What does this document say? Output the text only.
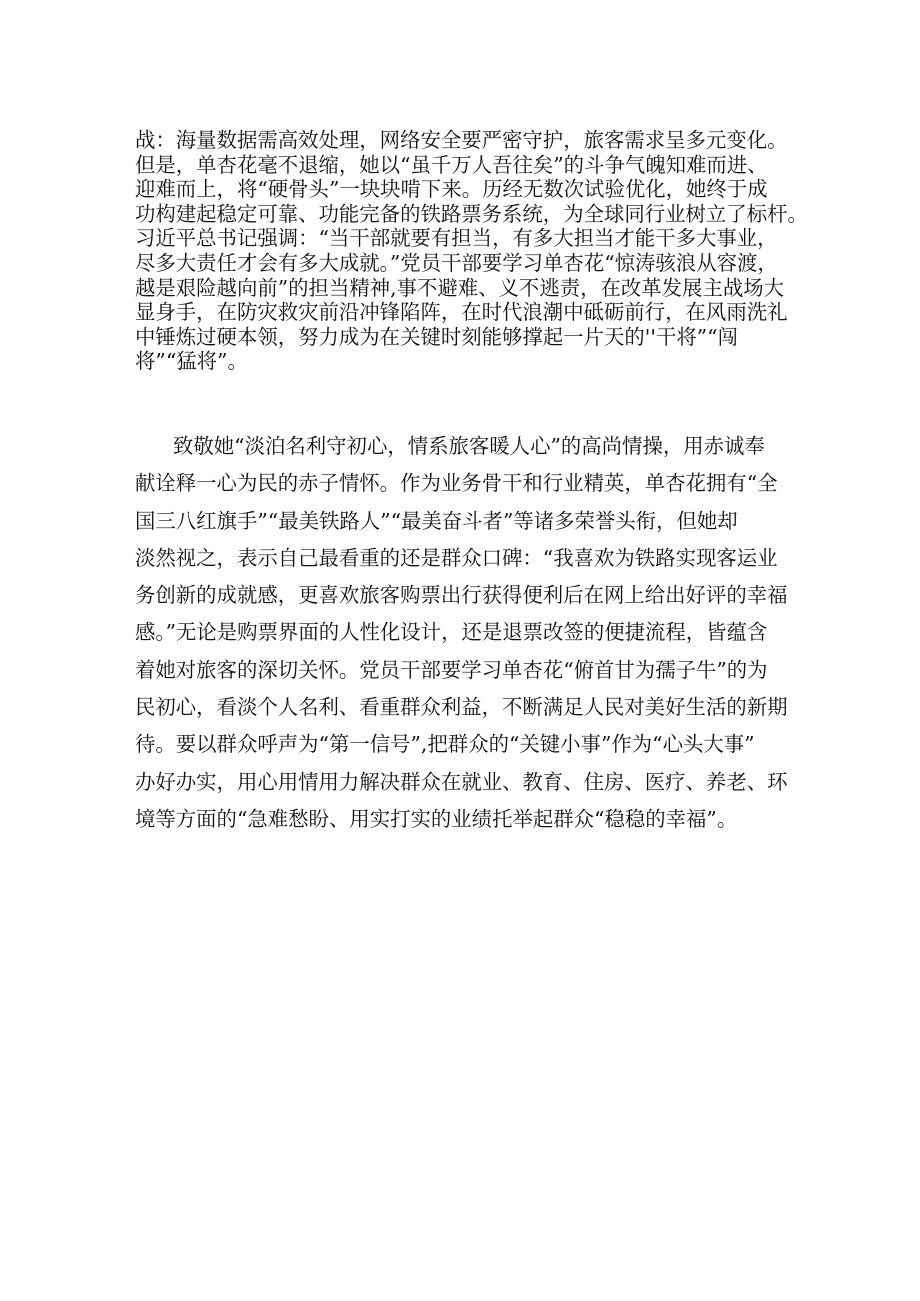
战：海量数据需高效处理，网络安全要严密守护，旅客需求呈多元变化。
但是，单杏花毫不退缩，她以“虽千万人吾往矣”的斗争气魄知难而进、
迎难而上，将“硬骨头”一块块啃下来。历经无数次试验优化，她终于成
功构建起稳定可靠、功能完备的铁路票务系统，为全球同行业树立了标杆。
习近平总书记强调：“当干部就要有担当，有多大担当才能干多大事业，
尽多大责任才会有多大成就。”党员干部要学习单杏花“惊涛骇浪从容渡，
越是艰险越向前”的担当精神,事不避难、义不逃责，在改革发展主战场大
显身手，在防灾救灾前沿冲锋陷阵，在时代浪潮中砥砺前行，在风雨洗礼
中锤炼过硬本领，努力成为在关键时刻能够撑起一片天的''干将”“闯
将”“猛将”。
致敬她“淡泊名利守初心，情系旅客暖人心”的高尚情操，用赤诚奉
献诠释一心为民的赤子情怀。作为业务骨干和行业精英，单杏花拥有“全
国三八红旗手”“最美铁路人”“最美奋斗者”等诸多荣誉头衔，但她却
淡然视之，表示自己最看重的还是群众口碑：“我喜欢为铁路实现客运业
务创新的成就感，更喜欢旅客购票出行获得便利后在网上给出好评的幸福
感。”无论是购票界面的人性化设计，还是退票改签的便捷流程，皆蕴含
着她对旅客的深切关怀。党员干部要学习单杏花“俯首甘为孺子牛”的为
民初心，看淡个人名利、看重群众利益，不断满足人民对美好生活的新期
待。要以群众呼声为“第一信号”,把群众的“关键小事”作为“心头大事”
办好办实，用心用情用力解决群众在就业、教育、住房、医疗、养老、环
境等方面的“急难愁盼、用实打实的业绩托举起群众“稳稳的幸福”。
